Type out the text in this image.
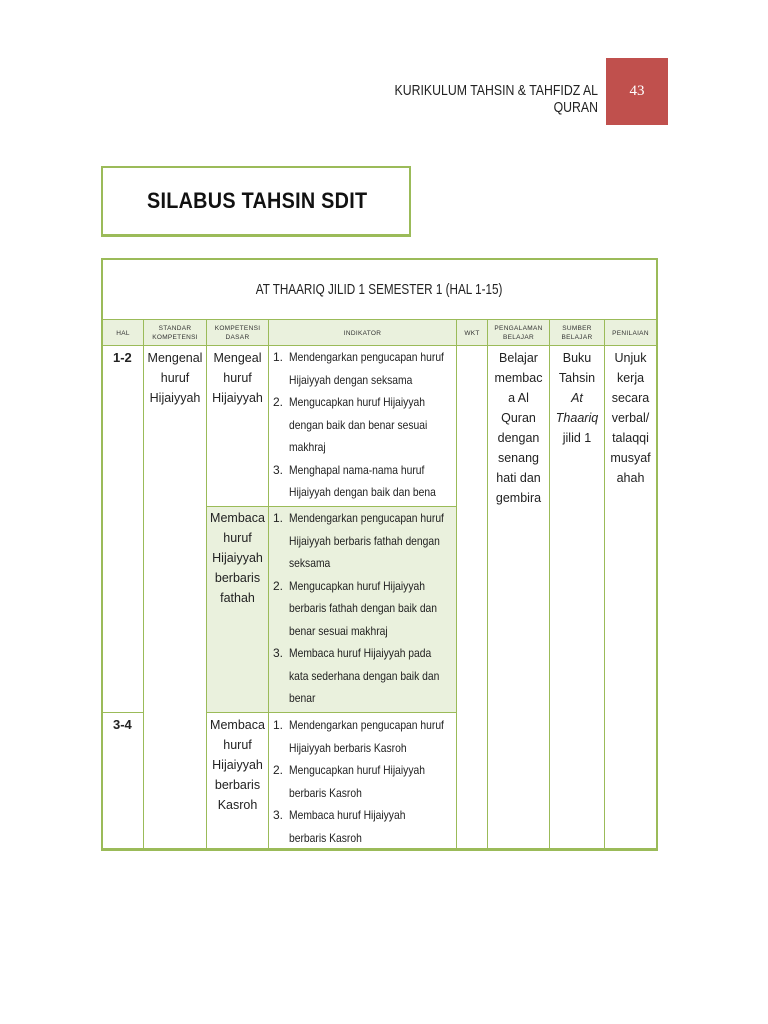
KURIKULUM TAHSIN & TAHFIDZ AL QURAN
43
SILABUS TAHSIN SDIT
AT THAARIQ JILID 1 SEMESTER 1 (HAL 1-15)
HAL
STANDAR KOMPETENSI
KOMPETENSI DASAR
INDIKATOR	WKT
PENGALAMAN BELAJAR
SUMBER BELAJAR
PENILAIAN
1-2
3-4
Mengenal
huruf
Hijaiyyah
Mengeal
huruf
Hijaiyyah
Membaca
huruf
Hijaiyyah
berbaris
fathah
Membaca
huruf
Hijaiyyah
berbaris
Kasroh
1. Mendengarkan pengucapan huruf
Hijaiyyah dengan seksama
2. Mengucapkan huruf Hijaiyyah
dengan baik dan benar sesuai
makhraj
3. Menghapal nama-nama huruf
Hijaiyyah dengan baik dan bena
1. Mendengarkan pengucapan huruf
Hijaiyyah berbaris fathah dengan
seksama
2. Mengucapkan huruf Hijaiyyah
berbaris fathah dengan baik dan
benar sesuai makhraj
3. Membaca huruf Hijaiyyah pada
kata sederhana dengan baik dan
benar
1. Mendengarkan pengucapan huruf
Hijaiyyah berbaris Kasroh
2. Mengucapkan huruf Hijaiyyah
berbaris Kasroh
3. Membaca huruf Hijaiyyah
berbaris Kasroh
Belajar
membac
a Al
Quran
dengan
senang
hati dan
gembira
Buku
Tahsin
At
Thaariq
jilid 1
Unjuk
kerja
secara
verbal/
talaqqi
musyaf
ahah
